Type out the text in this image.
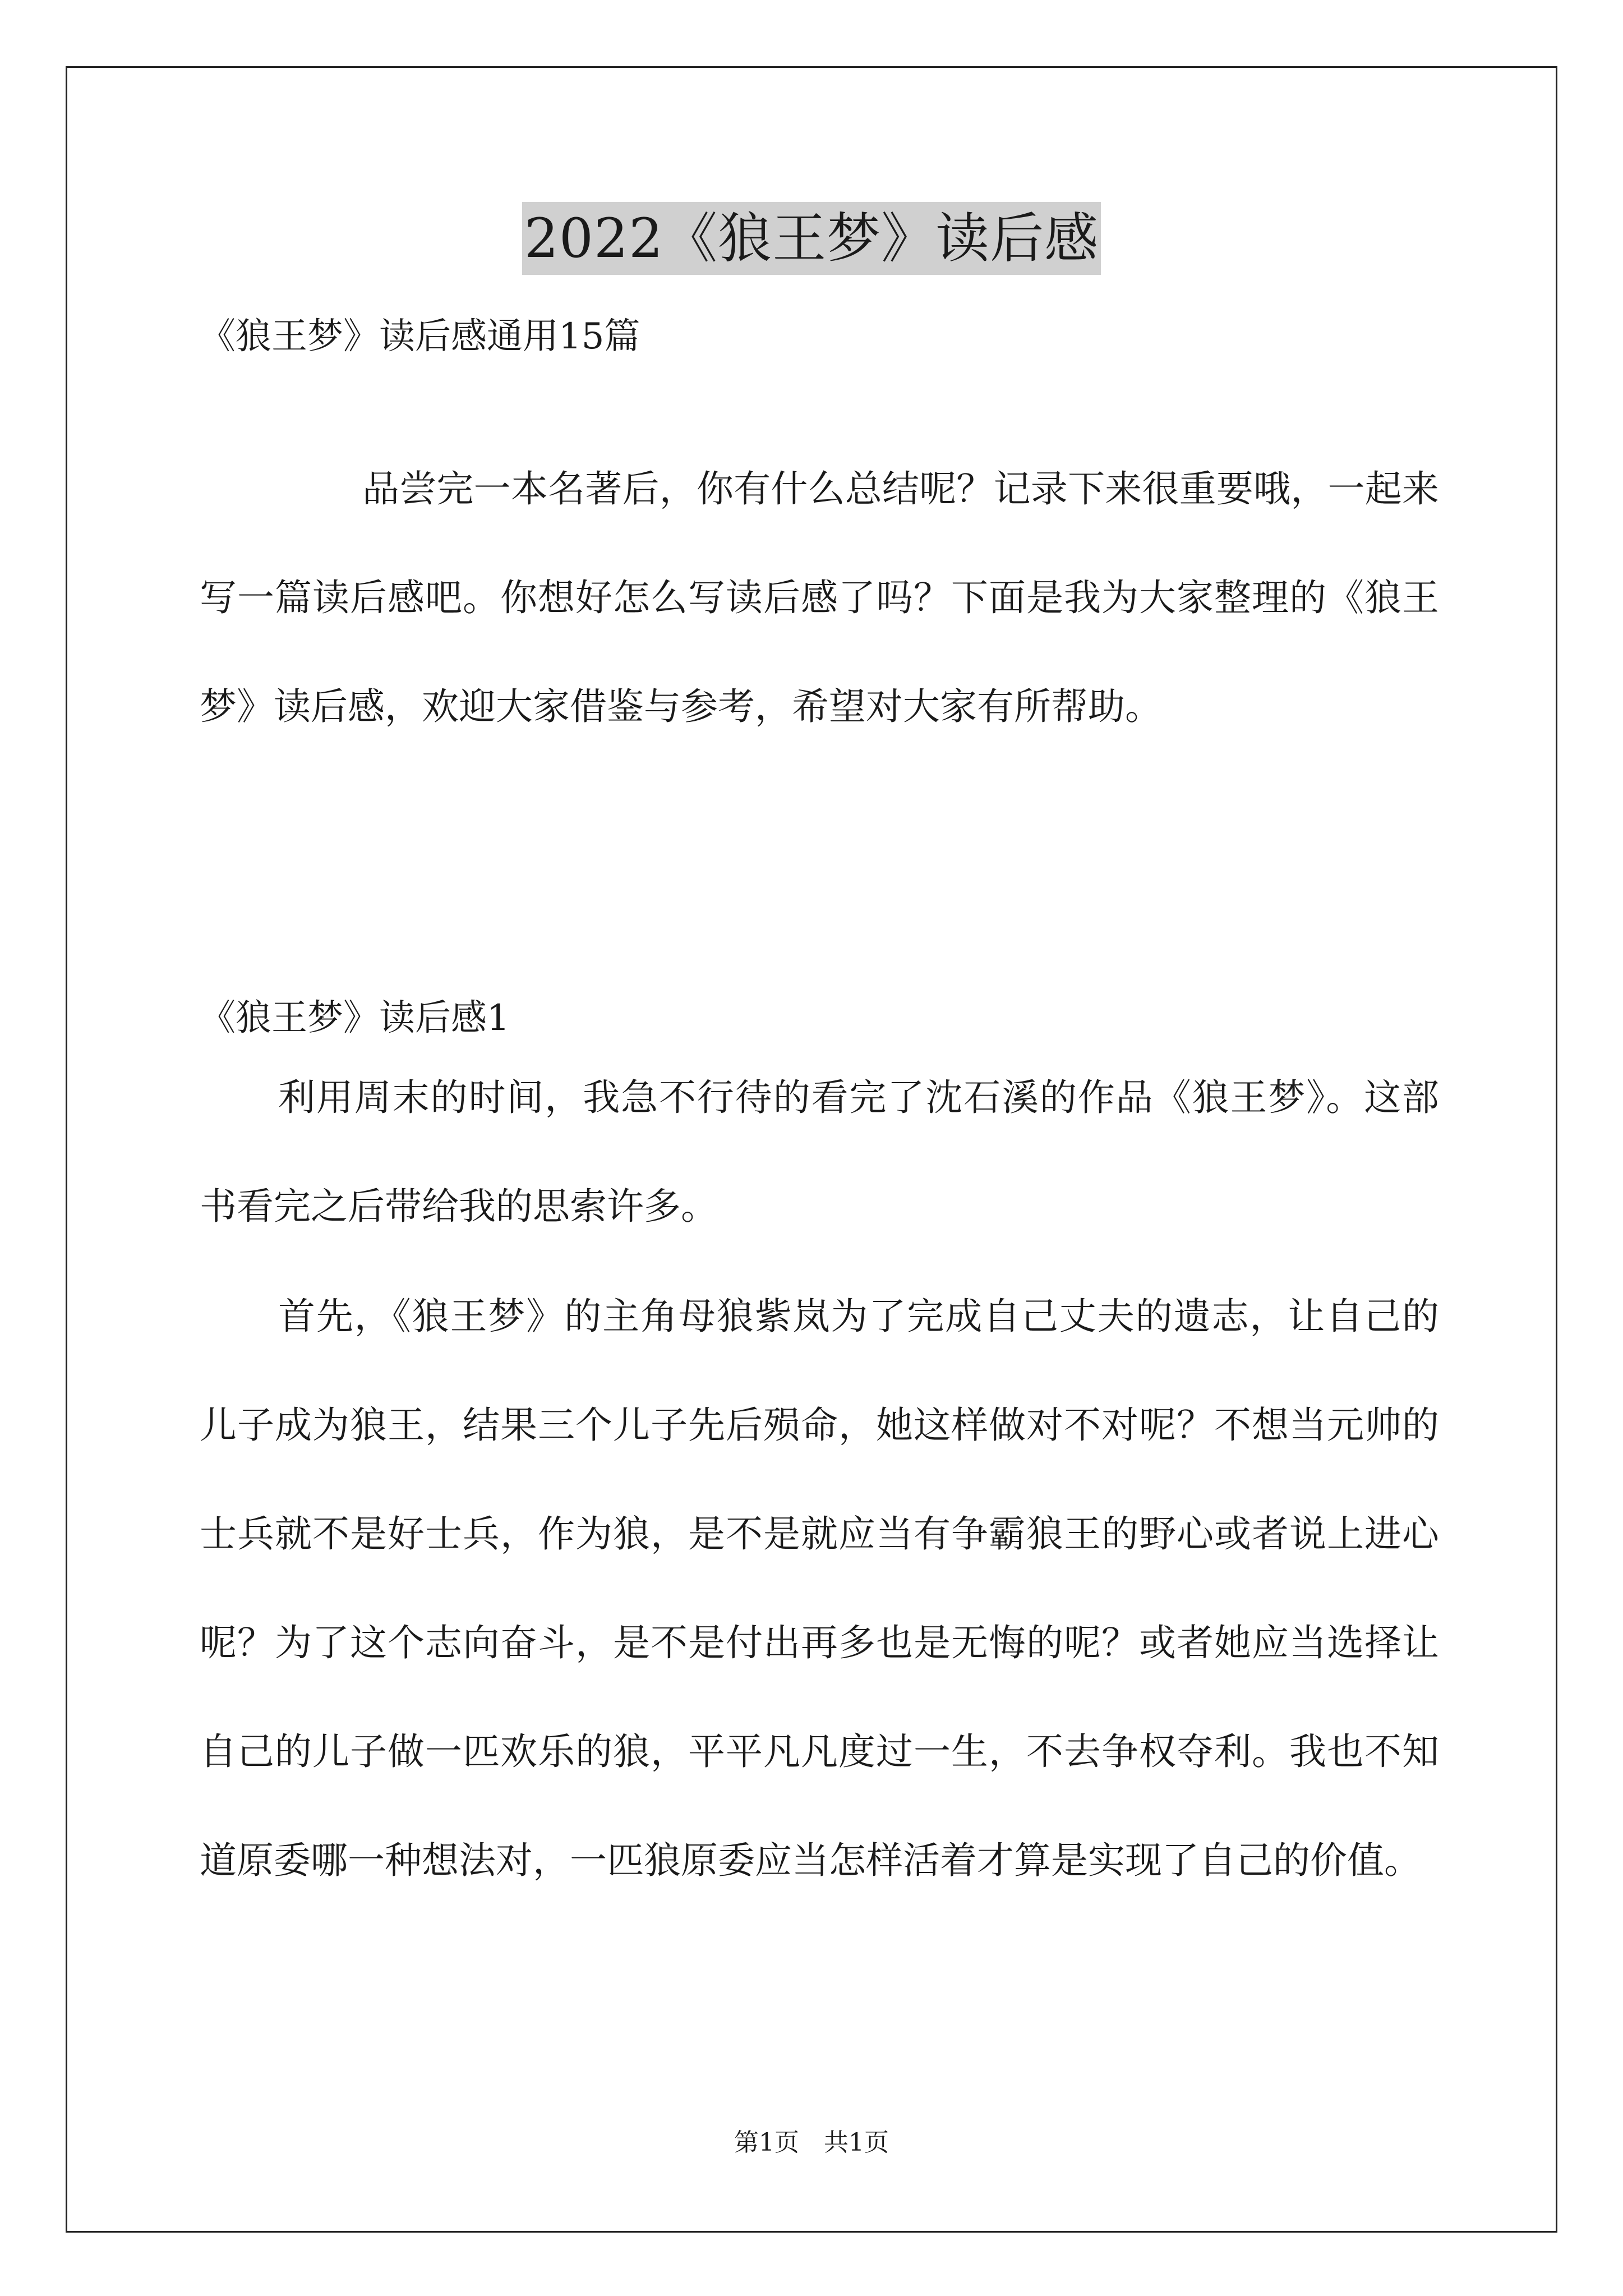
2022《狼王梦》读后感
《狼王梦》读后感通用15篇

品尝完一本名著后，你有什么总结呢？记录下来很重要哦，一起来写一篇读后感吧。你想好怎么写读后感了吗？下面是我为大家整理的《狼王梦》读后感，欢迎大家借鉴与参考，希望对大家有所帮助。

《狼王梦》读后感1

利用周末的时间，我急不行待的看完了沈石溪的作品《狼王梦》。这部书看完之后带给我的思索许多。

首先，《狼王梦》的主角母狼紫岚为了完成自己丈夫的遗志，让自己的儿子成为狼王，结果三个儿子先后殒命，她这样做对不对呢？不想当元帅的士兵就不是好士兵，作为狼，是不是就应当有争霸狼王的野心或者说上进心呢？为了这个志向奋斗，是不是付出再多也是无悔的呢？或者她应当选择让自己的儿子做一匹欢乐的狼，平平凡凡度过一生，不去争权夺利。我也不知道原委哪一种想法对，一匹狼原委应当怎样活着才算是实现了自己的价值。

第1页　共1页
